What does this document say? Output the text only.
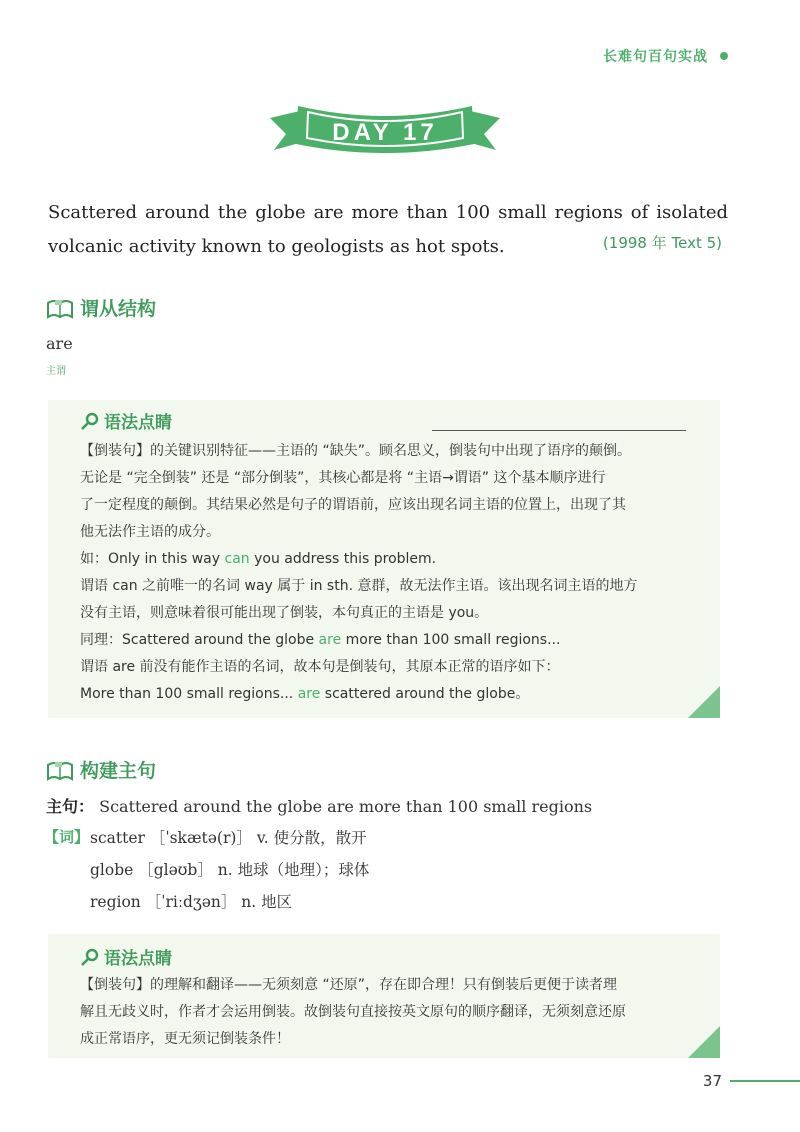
长难句百句实战
DAY 17
Scattered around the globe are more than 100 small regions of isolated volcanic activity known to geologists as hot spots.	(1998 年 Text 5)
谓从结构
are
主谓
语法点睛
【倒装句】的关键识别特征——主语的 “缺失”。顾名思义，倒装句中出现了语序的颠倒。
无论是 “完全倒装” 还是 “部分倒装”，其核心都是将 “主语→谓语” 这个基本顺序进行
了一定程度的颠倒。其结果必然是句子的谓语前，应该出现名词主语的位置上，出现了其
他无法作主语的成分。
如：Only in this way can you address this problem.
谓语 can 之前唯一的名词 way 属于 in sth. 意群，故无法作主语。该出现名词主语的地方
没有主语，则意味着很可能出现了倒装，本句真正的主语是 you。
同理：Scattered around the globe are more than 100 small regions...
谓语 are 前没有能作主语的名词，故本句是倒装句，其原本正常的语序如下：
More than 100 small regions... are scattered around the globe。
构建主句
主句： Scattered around the globe are more than 100 small regions
【词】 scatter ［ˈskætə(r)］ v. 使分散，散开
globe ［gləʊb］ n. 地球（地理）；球体
region ［ˈriːdʒən］ n. 地区
语法点睛
【倒装句】的理解和翻译——无须刻意 “还原”，存在即合理！只有倒装后更便于读者理
解且无歧义时，作者才会运用倒装。故倒装句直接按英文原句的顺序翻译，无须刻意还原
成正常语序，更无须记倒装条件！
37
